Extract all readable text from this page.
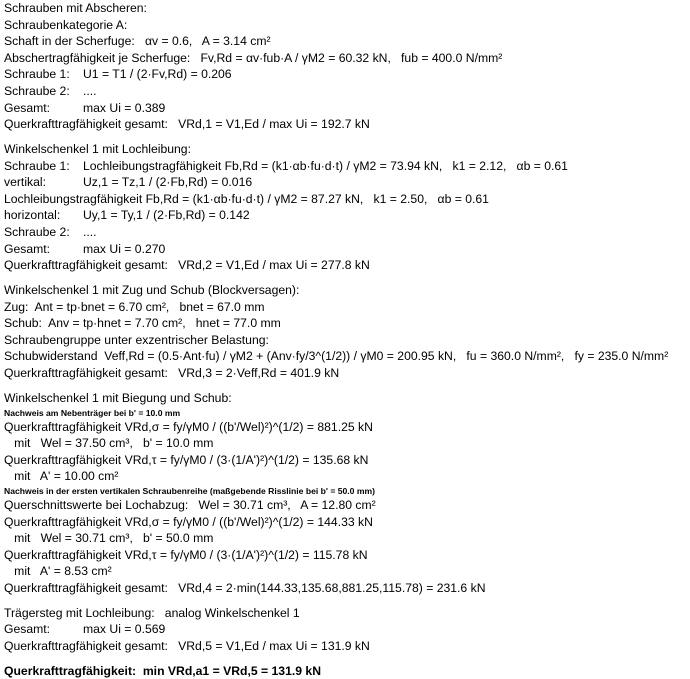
Schrauben mit Abscheren:
Schraubenkategorie A:
Schaft in der Scherfuge: αv = 0.6, A = 3.14 cm²
Abschertragfähigkeit je Scherfuge: Fv,Rd = αv·fub·A / γM2 = 60.32 kN, fub = 400.0 N/mm²
Schraube 1: U1 = T1 / (2·Fv,Rd) = 0.206
Schraube 2: ....
Gesamt:	max Ui = 0.389
Querkrafttragfähigkeit gesamt: VRd,1 = V1,Ed / max Ui = 192.7 kN
Winkelschenkel 1 mit Lochleibung:
Schraube 1: Lochleibungstragfähigkeit Fb,Rd = (k1·αb·fu·d·t) / γM2 = 73.94 kN, k1 = 2.12, αb = 0.61
vertikal:	Uz,1 = Tz,1 / (2·Fb,Rd) = 0.016
Lochleibungstragfähigkeit Fb,Rd = (k1·αb·fu·d·t) / γM2 = 87.27 kN, k1 = 2.50, αb = 0.61
horizontal: Uy,1 = Ty,1 / (2·Fb,Rd) = 0.142
Schraube 2: ....
Gesamt:	max Ui = 0.270
Querkrafttragfähigkeit gesamt: VRd,2 = V1,Ed / max Ui = 277.8 kN
Winkelschenkel 1 mit Zug und Schub (Blockversagen):
Zug: Ant = tp·bnet = 6.70 cm², bnet = 67.0 mm
Schub: Anv = tp·hnet = 7.70 cm², hnet = 77.0 mm
Schraubengruppe unter exzentrischer Belastung:
Schubwiderstand Veff,Rd = (0.5·Ant·fu) / γM2 + (Anv·fy/3^(1/2)) / γM0 = 200.95 kN, fu = 360.0 N/mm², fy = 235.0 N/mm²
Querkrafttragfähigkeit gesamt: VRd,3 = 2·Veff,Rd = 401.9 kN
Winkelschenkel 1 mit Biegung und Schub:
Nachweis am Nebenträger bei b' = 10.0 mm
Querkrafttragfähigkeit VRd,σ = fy/γM0 / ((b'/Wel)²)^(1/2) = 881.25 kN
mit Wel = 37.50 cm³, b' = 10.0 mm
Querkrafttragfähigkeit VRd,τ = fy/γM0 / (3·(1/A')²)^(1/2) = 135.68 kN
mit A' = 10.00 cm²
Nachweis in der ersten vertikalen Schraubenreihe (maßgebende Risslinie bei b' = 50.0 mm)
Querschnittswerte bei Lochabzug: Wel = 30.71 cm³, A = 12.80 cm²
Querkrafttragfähigkeit VRd,σ = fy/γM0 / ((b'/Wel)²)^(1/2) = 144.33 kN
mit Wel = 30.71 cm³, b' = 50.0 mm
Querkrafttragfähigkeit VRd,τ = fy/γM0 / (3·(1/A')²)^(1/2) = 115.78 kN
mit A' = 8.53 cm²
Querkrafttragfähigkeit gesamt: VRd,4 = 2·min(144.33,135.68,881.25,115.78) = 231.6 kN
Trägersteg mit Lochleibung: analog Winkelschenkel 1
Gesamt:	max Ui = 0.569
Querkrafttragfähigkeit gesamt: VRd,5 = V1,Ed / max Ui = 131.9 kN
Querkrafttragfähigkeit: min VRd,a1 = VRd,5 = 131.9 kN
